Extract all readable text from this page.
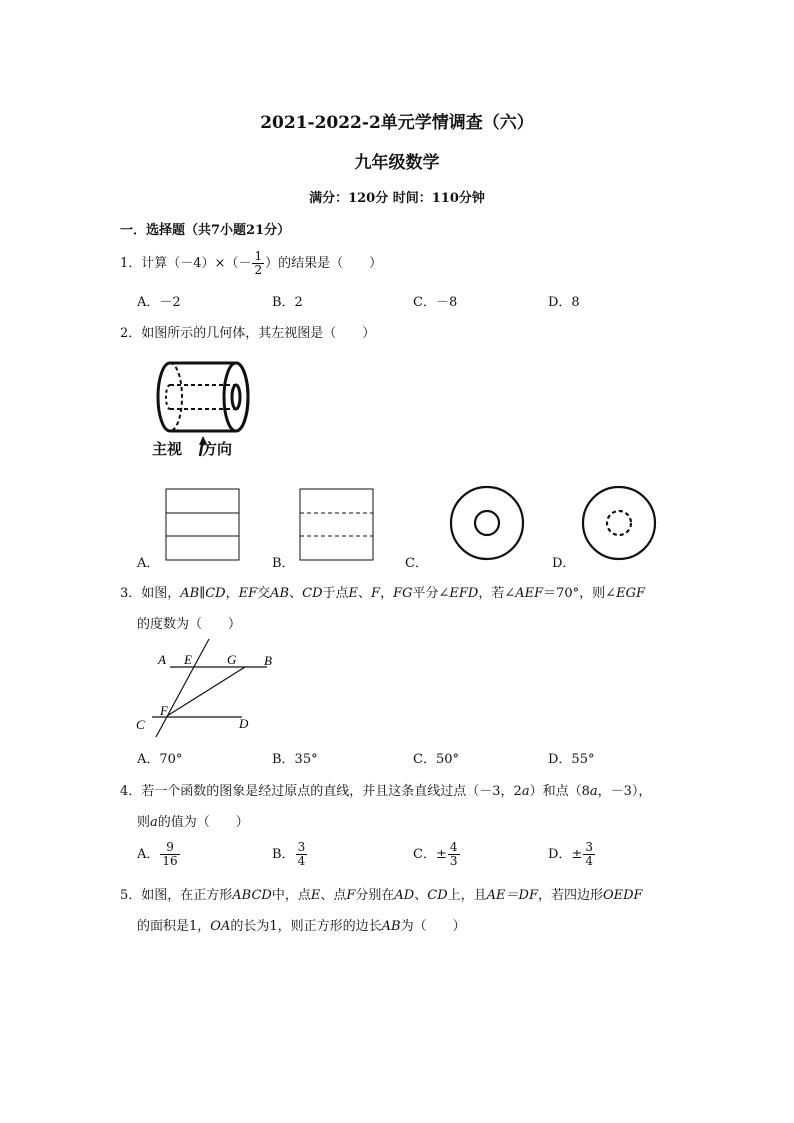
2021-2022-2单元学情调查（六）
九年级数学
满分：120分 时间：110分钟
一．选择题（共7小题21分）
1．计算$(-4)\times(- \frac{1}{2}$ ）的结果是（　　）
A．－2	B．2	C．－8	D．8
2．如图所示的几何体，其左视图是（　　）
主视 方向
A．	B．	C．	D．
3．如图，AB∥CD，EF交AB、CD于点E、F，FG平分∠EFD，若∠AEF＝70°，则∠EGF
的度数为（　　）
A E	G B
C
F
D
A．70°	B．35°	C．50°	D．55°
4．若一个函数的图象是经过原点的直线，并且这条直线过点（－3，2a）和点（8a，－3），
则a的值为（　　）
A． $\frac{9}{16}$	B． $\frac{3}{4}$	C．± $\frac{4}{3}$	D．± $\frac{3}{4}$
5．如图，在正方形ABCD中，点E、点F分别在AD、CD上，且AE＝DF，若四边形OEDF
的面积是1，OA的长为1，则正方形的边长AB为（　　）
